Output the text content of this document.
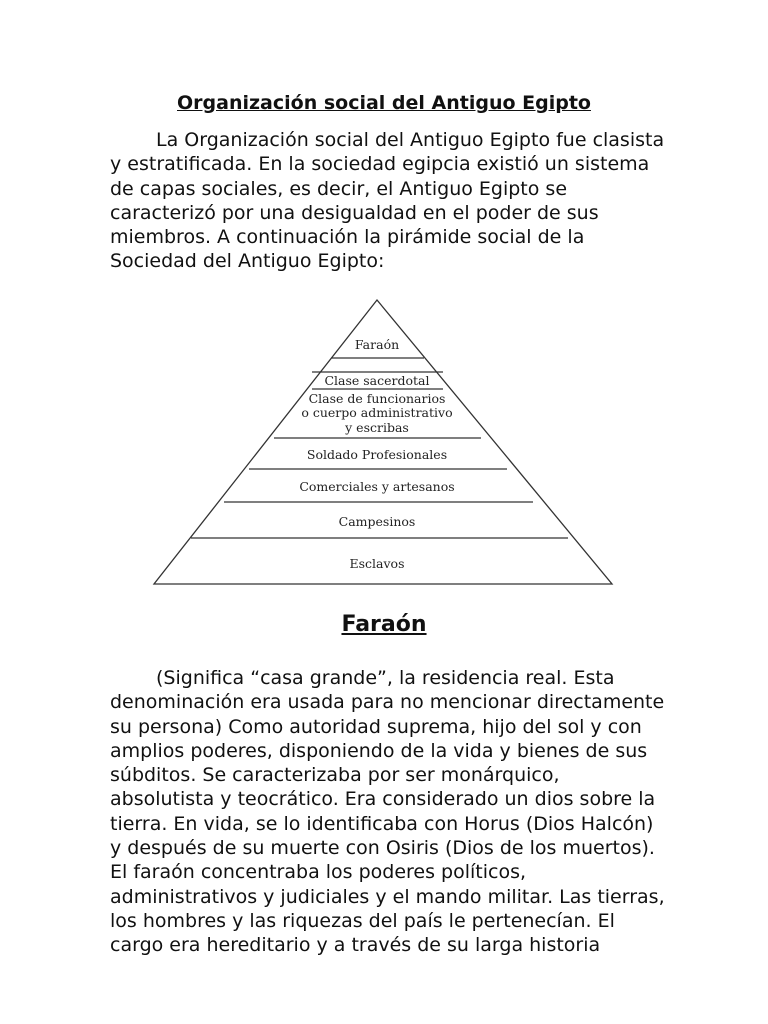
Organización social del Antiguo Egipto

La Organización social del Antiguo Egipto fue clasista y estratificada. En la sociedad egipcia existió un sistema de capas sociales, es decir, el Antiguo Egipto se caracterizó por una desigualdad en el poder de sus miembros. A continuación la pirámide social de la Sociedad del Antiguo Egipto:

Faraón
Clase sacerdotal
Clase de funcionarios
o cuerpo administrativo
y escribas
Soldado Profesionales
Comerciales y artesanos
Campesinos
Esclavos
Faraón

(Significa “casa grande”, la residencia real. Esta denominación era usada para no mencionar directamente su persona) Como autoridad suprema, hijo del sol y con amplios poderes, disponiendo de la vida y bienes de sus súbditos. Se caracterizaba por ser monárquico, absolutista y teocrático. Era considerado un dios sobre la tierra. En vida, se lo identificaba con Horus (Dios Halcón) y después de su muerte con Osiris (Dios de los muertos). El faraón concentraba los poderes políticos, administrativos y judiciales y el mando militar. Las tierras, los hombres y las riquezas del país le pertenecían. El cargo era hereditario y a través de su larga historia
